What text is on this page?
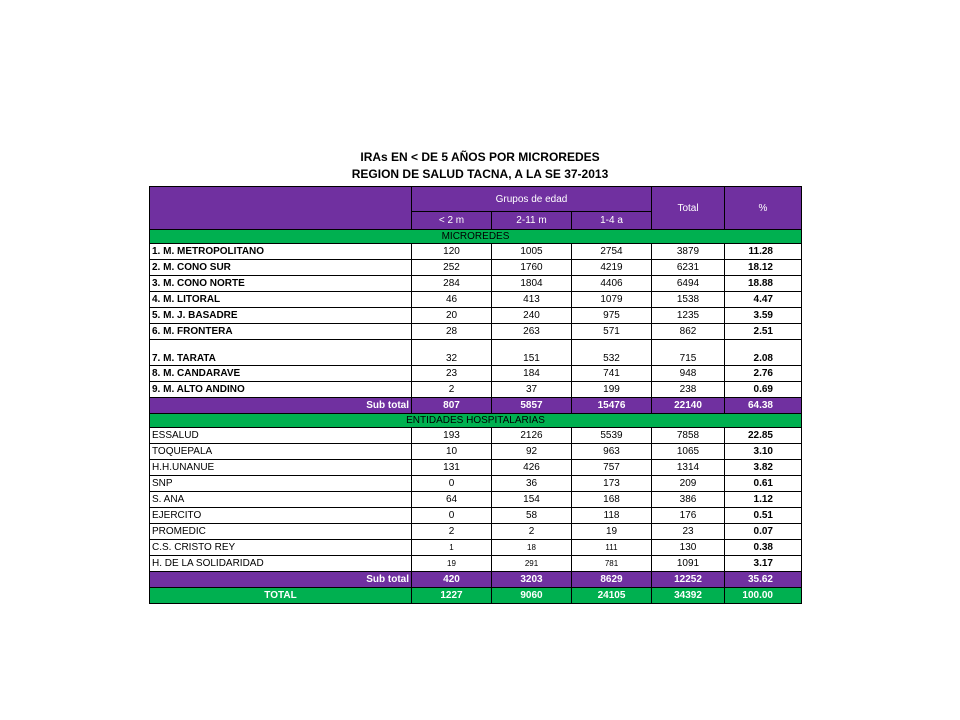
IRAs EN < DE 5 AÑOS POR MICROREDES
REGION DE SALUD TACNA, A LA SE 37-2013
	Grupos de edad			Total	%
	< 2 m	2-11 m	1-4 a		
MICROREDES					
1. M. METROPOLITANO	120	1005	2754	3879	11.28
2. M. CONO SUR	252	1760	4219	6231	18.12
3. M. CONO NORTE	284	1804	4406	6494	18.88
4. M. LITORAL	46	413	1079	1538	4.47
5. M. J. BASADRE	20	240	975	1235	3.59
6. M. FRONTERA	28	263	571	862	2.51
7. M. TARATA	32	151	532	715	2.08
8. M. CANDARAVE	23	184	741	948	2.76
9. M. ALTO ANDINO	2	37	199	238	0.69
Sub total	807	5857	15476	22140	64.38
ENTIDADES HOSPITALARIAS					
ESSALUD	193	2126	5539	7858	22.85
TOQUEPALA	10	92	963	1065	3.10
H.H.UNANUE	131	426	757	1314	3.82
SNP	0	36	173	209	0.61
S. ANA	64	154	168	386	1.12
EJERCITO	0	58	118	176	0.51
PROMEDIC	2	2	19	23	0.07
C.S. CRISTO REY	1	18	111	130	0.38
H. DE LA SOLIDARIDAD	19	291	781	1091	3.17
Sub total	420	3203	8629	12252	35.62
TOTAL	1227	9060	24105	34392	100.00
